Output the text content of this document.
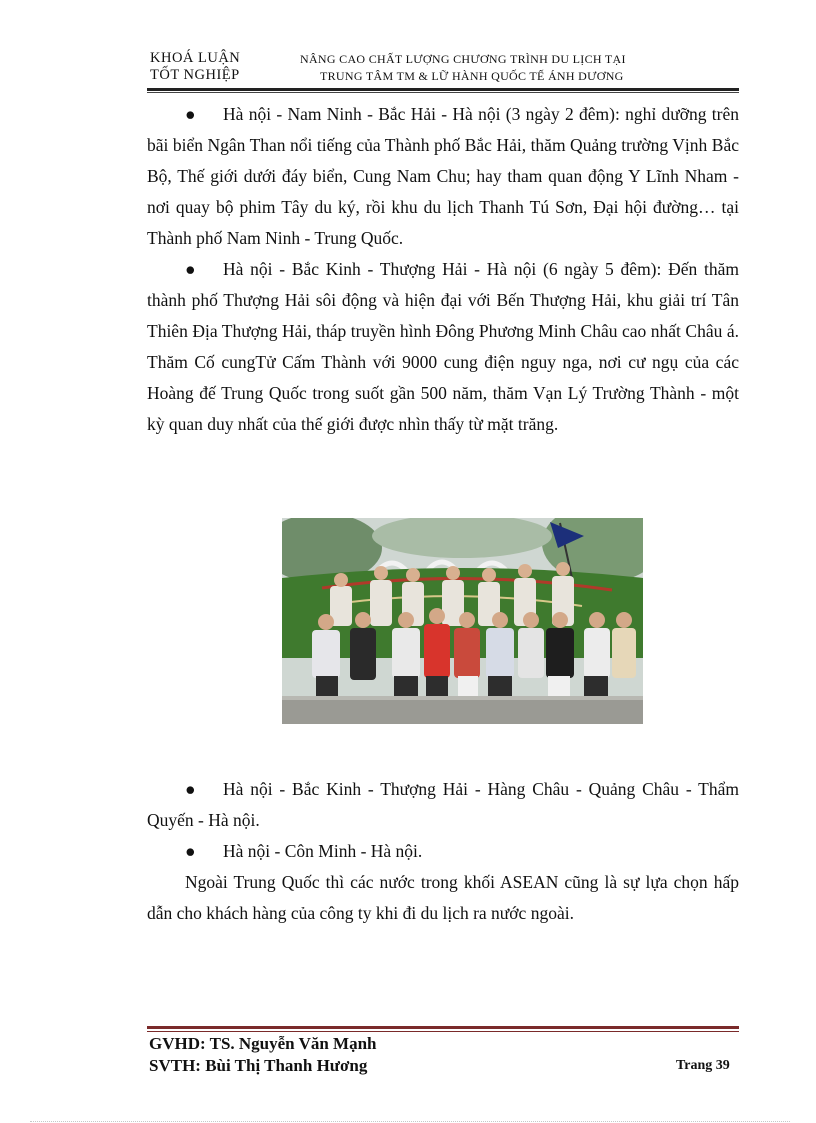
KHOÁ LUẬN
TỐT NGHIỆP
NÂNG CAO CHẤT LƯỢNG CHƯƠNG TRÌNH DU LỊCH TẠI
TRUNG TÂM TM & LỮ HÀNH QUỐC TẾ ÁNH DƯƠNG

● Hà nội - Nam Ninh - Bắc Hải - Hà nội (3 ngày 2 đêm): nghỉ dưỡng trên bãi biển Ngân Than nổi tiếng của Thành phố Bắc Hải, thăm Quảng trường Vịnh Bắc Bộ, Thế giới dưới đáy biển, Cung Nam Chu; hay tham quan động Y Lĩnh Nham - nơi quay bộ phim Tây du ký, rồi khu du lịch Thanh Tú Sơn, Đại hội đường… tại Thành phố Nam Ninh - Trung Quốc.

● Hà nội - Bắc Kinh - Thượng Hải - Hà nội (6 ngày 5 đêm): Đến thăm thành phố Thượng Hải sôi động và hiện đại với Bến Thượng Hải, khu giải trí Tân Thiên Địa Thượng Hải, tháp truyền hình Đông Phương Minh Châu cao nhất Châu á. Thăm Cố cungTử Cấm Thành với 9000 cung điện nguy nga, nơi cư ngụ của các Hoàng đế Trung Quốc trong suốt gần 500 năm, thăm Vạn Lý Trường Thành - một kỳ quan duy nhất của thế giới được nhìn thấy từ mặt trăng.

● Hà nội - Bắc Kinh - Thượng Hải - Hàng Châu - Quảng Châu - Thẩm Quyến - Hà nội.

● Hà nội - Côn Minh - Hà nội.

Ngoài Trung Quốc thì các nước trong khối ASEAN cũng là sự lựa chọn hấp dẫn cho khách hàng của công ty khi đi du lịch ra nước ngoài.

GVHD: TS. Nguyễn Văn Mạnh
SVTH: Bùi Thị Thanh Hương	Trang 39
